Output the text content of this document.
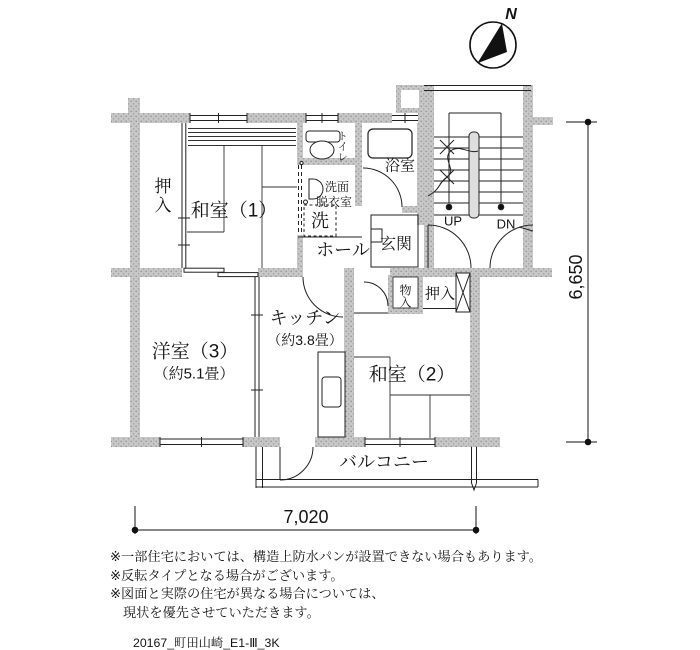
押入 和室（1）
トイレ
浴室
洗面
脱衣室
洗
ホール 玄関
UP	DN
物入 押入
キッチン
（約3.8畳）
洋室（3）
（約5.1畳）	和室（2）
バルコニー
N
7,020
6,650
※一部住宅においては、構造上防水パンが設置できない場合もあります。
※反転タイプとなる場合がございます。
※図面と実際の住宅が異なる場合については、
現状を優先させていただきます。
20167_町田山崎_E1-Ⅲ_3K
